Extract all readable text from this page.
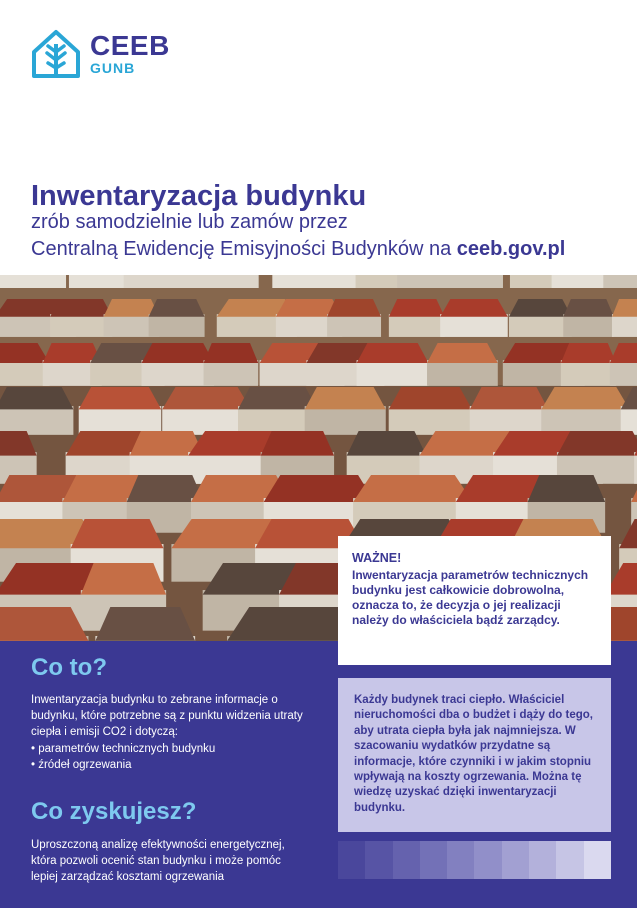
CEEB
GUNB
Inwentaryzacja budynku
zrób samodzielnie lub zamów przez
Centralną Ewidencję Emisyjności Budynków na ceeb.gov.pl
Co to?
Inwentaryzacja budynku to zebrane informacje o budynku, które potrzebne są z punktu widzenia utraty ciepła i emisji CO2 i dotyczą:
• parametrów technicznych budynku
• źródeł ogrzewania
Co zyskujesz?
Uproszczoną analizę efektywności energetycznej, która pozwoli ocenić stan budynku i może pomóc lepiej zarządzać kosztami ogrzewania
WAŻNE!
Inwentaryzacja parametrów technicznych budynku jest całkowicie dobrowolna, oznacza to, że decyzja o jej realizacji należy do właściciela bądź zarządcy.
Każdy budynek traci ciepło. Właściciel nieruchomości dba o budżet i dąży do tego, aby utrata ciepła była jak najmniejsza. W szacowaniu wydatków przydatne są informacje, które czynniki i w jakim stopniu wpływają na koszty ogrzewania. Można tę wiedzę uzyskać dzięki inwentaryzacji budynku.
